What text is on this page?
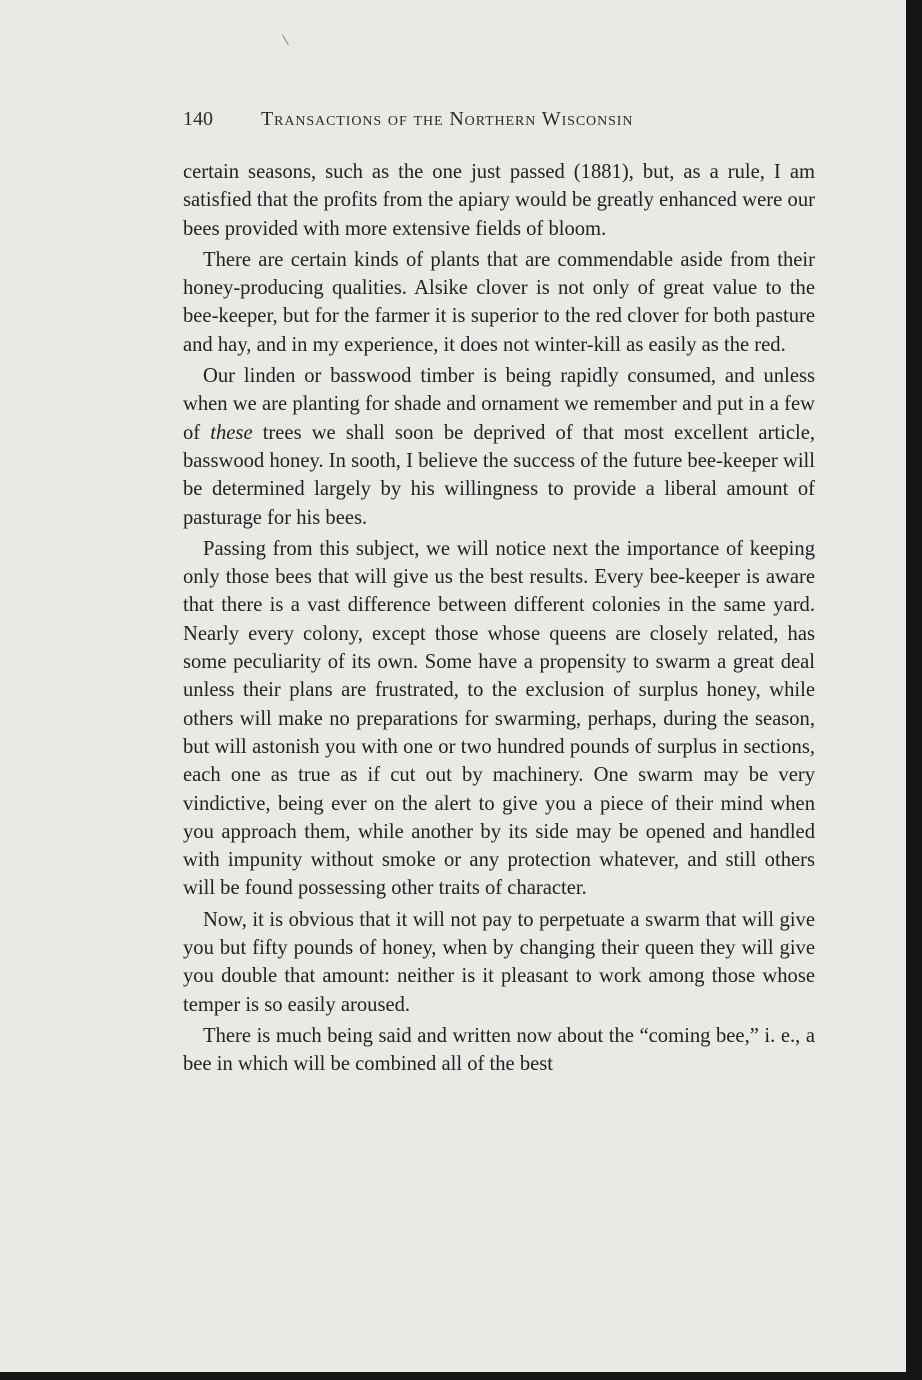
140 Transactions of the Northern Wisconsin

certain seasons, such as the one just passed (1881), but, as a rule, I am satisfied that the profits from the apiary would be greatly enhanced were our bees provided with more extensive fields of bloom.

There are certain kinds of plants that are commendable aside from their honey-producing qualities. Alsike clover is not only of great value to the bee-keeper, but for the farmer it is superior to the red clover for both pasture and hay, and in my experience, it does not winter-kill as easily as the red.

Our linden or basswood timber is being rapidly consumed, and unless when we are planting for shade and ornament we remember and put in a few of these trees we shall soon be deprived of that most excellent article, basswood honey. In sooth, I believe the success of the future bee-keeper will be determined largely by his willingness to provide a liberal amount of pasturage for his bees.

Passing from this subject, we will notice next the importance of keeping only those bees that will give us the best results. Every bee-keeper is aware that there is a vast difference between different colonies in the same yard. Nearly every colony, except those whose queens are closely related, has some peculiarity of its own. Some have a propensity to swarm a great deal unless their plans are frustrated, to the exclusion of surplus honey, while others will make no preparations for swarming, perhaps, during the season, but will astonish you with one or two hundred pounds of surplus in sections, each one as true as if cut out by machinery. One swarm may be very vindictive, being ever on the alert to give you a piece of their mind when you approach them, while another by its side may be opened and handled with impunity without smoke or any protection whatever, and still others will be found possessing other traits of character.

Now, it is obvious that it will not pay to perpetuate a swarm that will give you but fifty pounds of honey, when by changing their queen they will give you double that amount: neither is it pleasant to work among those whose temper is so easily aroused.

There is much being said and written now about the “coming bee,” i. e., a bee in which will be combined all of the best
